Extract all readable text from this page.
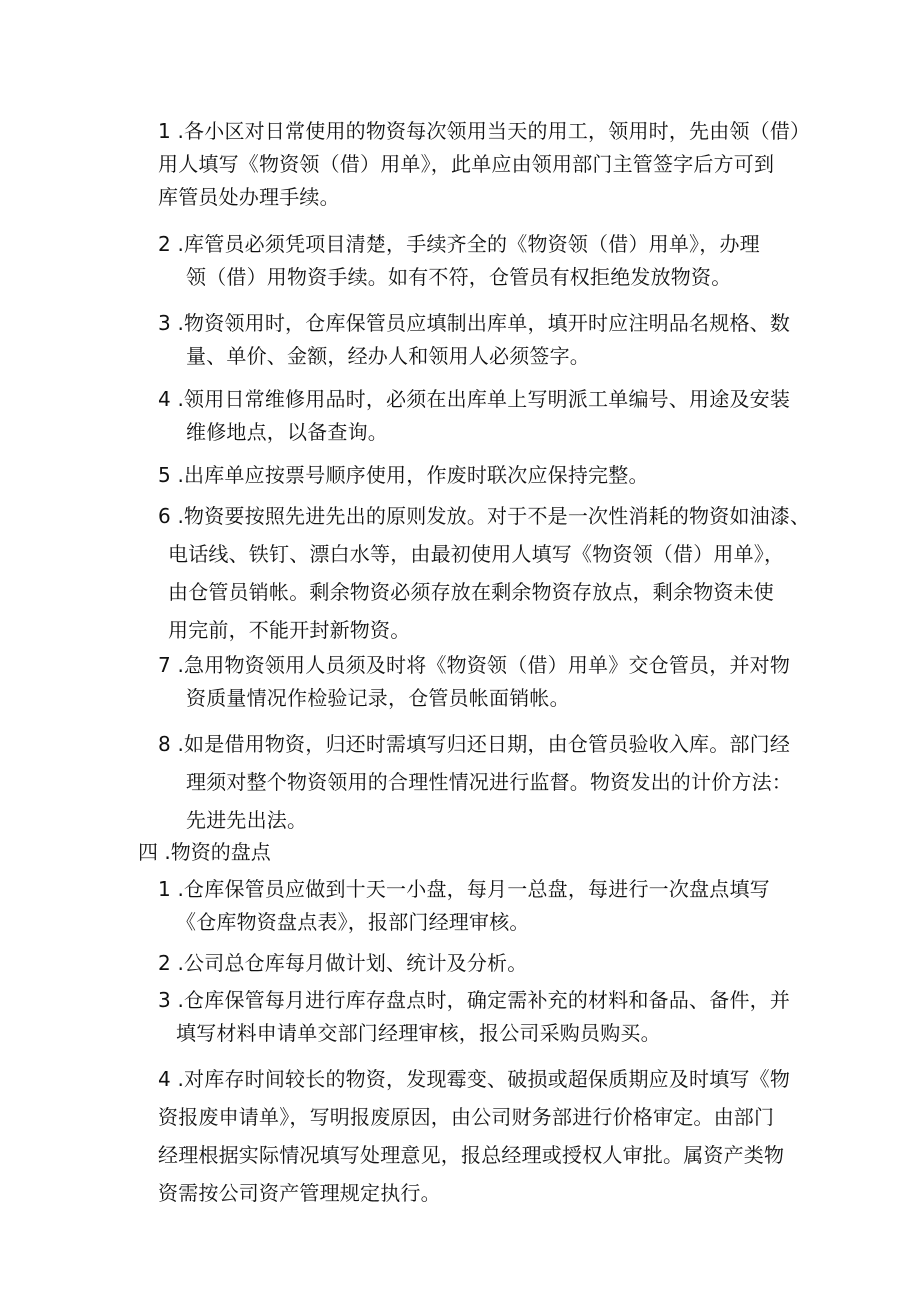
1 .各小区对日常使用的物资每次领用当天的用工，领用时，先由领（借）
用人填写《物资领（借）用单》，此单应由领用部门主管签字后方可到
库管员处办理手续。
2 .库管员必须凭项目清楚，手续齐全的《物资领（借）用单》，办理
领（借）用物资手续。如有不符，仓管员有权拒绝发放物资。
3 .物资领用时，仓库保管员应填制出库单，填开时应注明品名规格、数
量、单价、金额，经办人和领用人必须签字。
4 .领用日常维修用品时，必须在出库单上写明派工单编号、用途及安装
维修地点，以备查询。
5 .出库单应按票号顺序使用，作废时联次应保持完整。
6 .物资要按照先进先出的原则发放。对于不是一次性消耗的物资如油漆、
电话线、铁钉、漂白水等，由最初使用人填写《物资领（借）用单》，
由仓管员销帐。剩余物资必须存放在剩余物资存放点，剩余物资未使
用完前，不能开封新物资。
7 .急用物资领用人员须及时将《物资领（借）用单》交仓管员，并对物
资质量情况作检验记录，仓管员帐面销帐。
8 .如是借用物资，归还时需填写归还日期，由仓管员验收入库。部门经
理须对整个物资领用的合理性情况进行监督。物资发出的计价方法：
先进先出法。
四 .物资的盘点
1 .仓库保管员应做到十天一小盘，每月一总盘，每进行一次盘点填写
《仓库物资盘点表》，报部门经理审核。
2 .公司总仓库每月做计划、统计及分析。
3 .仓库保管每月进行库存盘点时，确定需补充的材料和备品、备件，并
填写材料申请单交部门经理审核，报公司采购员购买。
4 .对库存时间较长的物资，发现霉变、破损或超保质期应及时填写《物
资报废申请单》，写明报废原因，由公司财务部进行价格审定。由部门
经理根据实际情况填写处理意见，报总经理或授权人审批。属资产类物
资需按公司资产管理规定执行。
